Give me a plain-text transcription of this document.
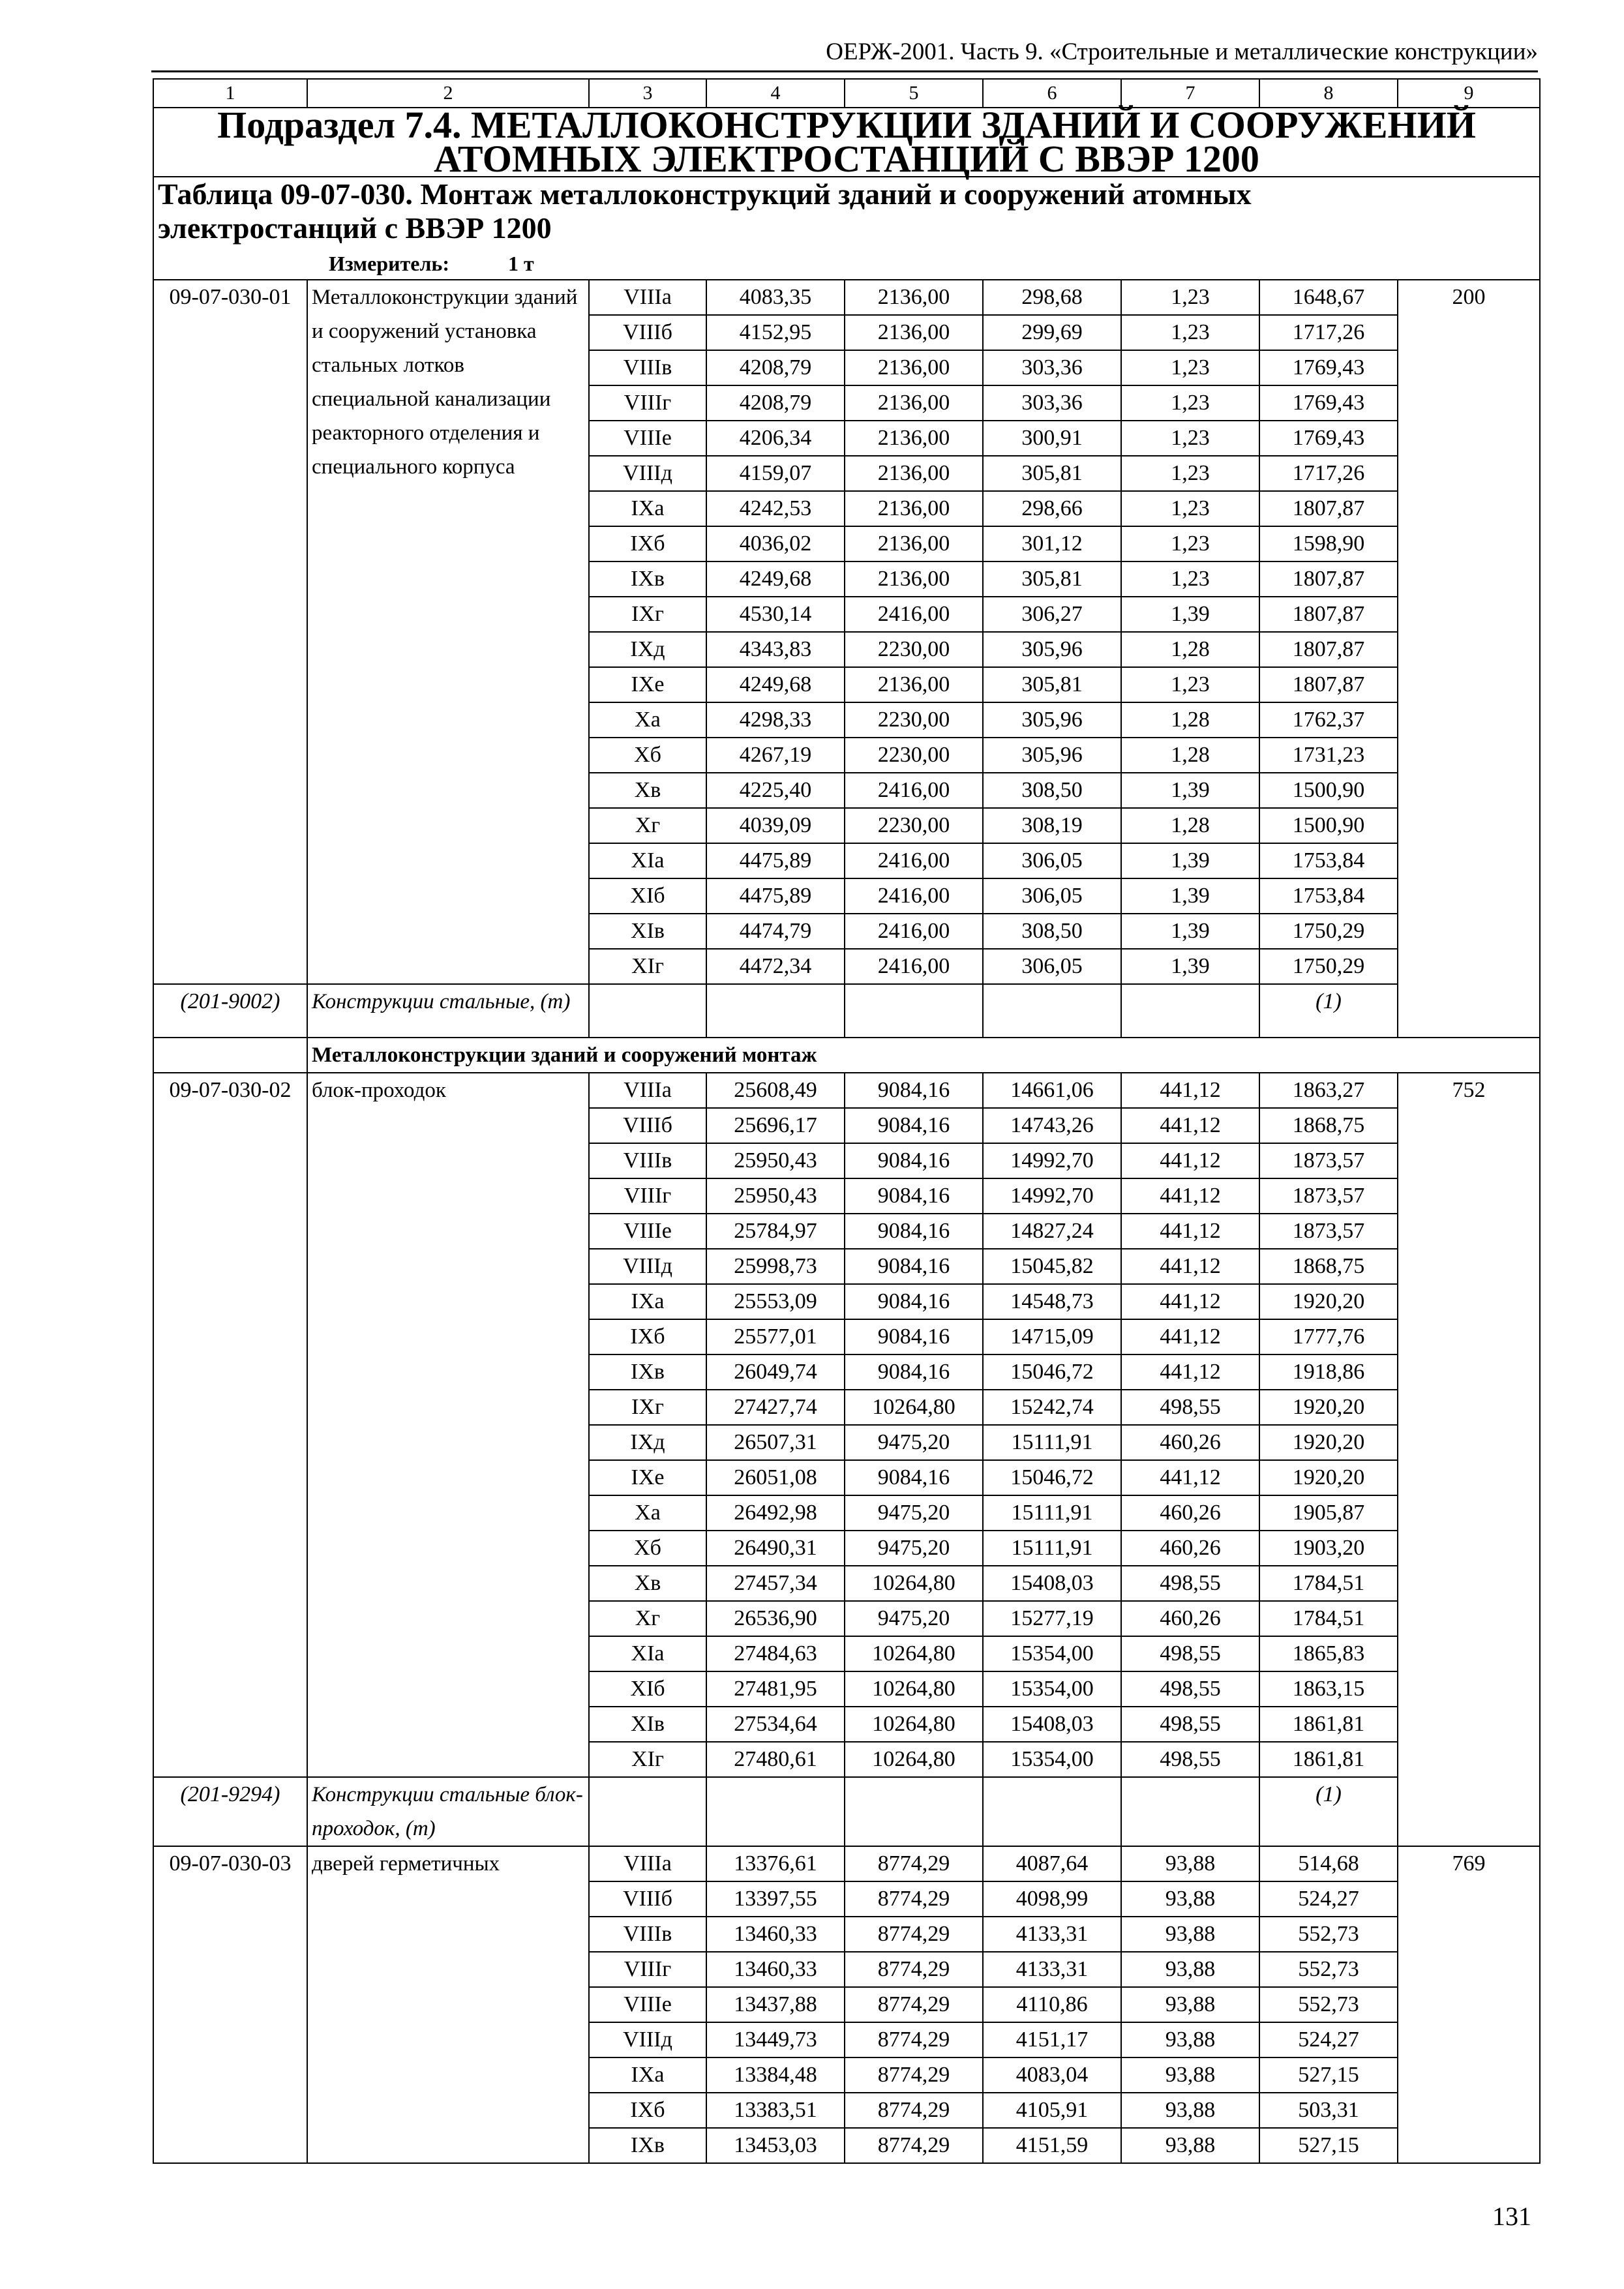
ОЕРЖ-2001. Часть 9. «Строительные и металлические конструкции»
1	2	3	4	5	6	7	8	9

Подраздел 7.4. МЕТАЛЛОКОНСТРУКЦИИ ЗДАНИЙ И СООРУЖЕНИЙ
АТОМНЫХ ЭЛЕКТРОСТАНЦИЙ С ВВЭР 1200								

Таблица 09-07-030. Монтаж металлоконструкций зданий и сооружений атомных
электростанций с ВВЭР 1200
Измеритель: 1 т								

09-07-030-01	Металлоконструкции зданий и сооружений установка стальных лотков специальной канализации реакторного отделения и специального корпуса	VIIIа	4083,35	2136,00	298,68	1,23	1648,67	200
		VIIIб	4152,95	2136,00	299,69	1,23	1717,26	
		VIIIв	4208,79	2136,00	303,36	1,23	1769,43	
		VIIIг	4208,79	2136,00	303,36	1,23	1769,43	
		VIIIе	4206,34	2136,00	300,91	1,23	1769,43	
		VIIIд	4159,07	2136,00	305,81	1,23	1717,26	
		IXа	4242,53	2136,00	298,66	1,23	1807,87	
		IXб	4036,02	2136,00	301,12	1,23	1598,90	
		IXв	4249,68	2136,00	305,81	1,23	1807,87	
		IXг	4530,14	2416,00	306,27	1,39	1807,87	
		IXд	4343,83	2230,00	305,96	1,28	1807,87	
		IXе	4249,68	2136,00	305,81	1,23	1807,87	
		Xа	4298,33	2230,00	305,96	1,28	1762,37	
		Xб	4267,19	2230,00	305,96	1,28	1731,23	
		Xв	4225,40	2416,00	308,50	1,39	1500,90	
		Xг	4039,09	2230,00	308,19	1,28	1500,90	
		XIа	4475,89	2416,00	306,05	1,39	1753,84	
		XIб	4475,89	2416,00	306,05	1,39	1753,84	
		XIв	4474,79	2416,00	308,50	1,39	1750,29	
		XIг	4472,34	2416,00	306,05	1,39	1750,29	
(201-9002)	Конструкции стальные, (т)						(1)	
	Металлоконструкции зданий и сооружений монтаж							
09-07-030-02	блок-проходок	VIIIа	25608,49	9084,16	14661,06	441,12	1863,27	752
		VIIIб	25696,17	9084,16	14743,26	441,12	1868,75	
		VIIIв	25950,43	9084,16	14992,70	441,12	1873,57	
		VIIIг	25950,43	9084,16	14992,70	441,12	1873,57	
		VIIIе	25784,97	9084,16	14827,24	441,12	1873,57	
		VIIIд	25998,73	9084,16	15045,82	441,12	1868,75	
		IXа	25553,09	9084,16	14548,73	441,12	1920,20	
		IXб	25577,01	9084,16	14715,09	441,12	1777,76	
		IXв	26049,74	9084,16	15046,72	441,12	1918,86	
		IXг	27427,74	10264,80	15242,74	498,55	1920,20	
		IXд	26507,31	9475,20	15111,91	460,26	1920,20	
		IXе	26051,08	9084,16	15046,72	441,12	1920,20	
		Xа	26492,98	9475,20	15111,91	460,26	1905,87	
		Xб	26490,31	9475,20	15111,91	460,26	1903,20	
		Xв	27457,34	10264,80	15408,03	498,55	1784,51	
		Xг	26536,90	9475,20	15277,19	460,26	1784,51	
		XIа	27484,63	10264,80	15354,00	498,55	1865,83	
		XIб	27481,95	10264,80	15354,00	498,55	1863,15	
		XIв	27534,64	10264,80	15408,03	498,55	1861,81	
		XIг	27480,61	10264,80	15354,00	498,55	1861,81	
(201-9294)	Конструкции стальные блок-проходок, (т)						(1)	
09-07-030-03	дверей герметичных	VIIIа	13376,61	8774,29	4087,64	93,88	514,68	769
		VIIIб	13397,55	8774,29	4098,99	93,88	524,27	
		VIIIв	13460,33	8774,29	4133,31	93,88	552,73	
		VIIIг	13460,33	8774,29	4133,31	93,88	552,73	
		VIIIе	13437,88	8774,29	4110,86	93,88	552,73	
		VIIIд	13449,73	8774,29	4151,17	93,88	524,27	
		IXа	13384,48	8774,29	4083,04	93,88	527,15	
		IXб	13383,51	8774,29	4105,91	93,88	503,31	
		IXв	13453,03	8774,29	4151,59	93,88	527,15	
131
